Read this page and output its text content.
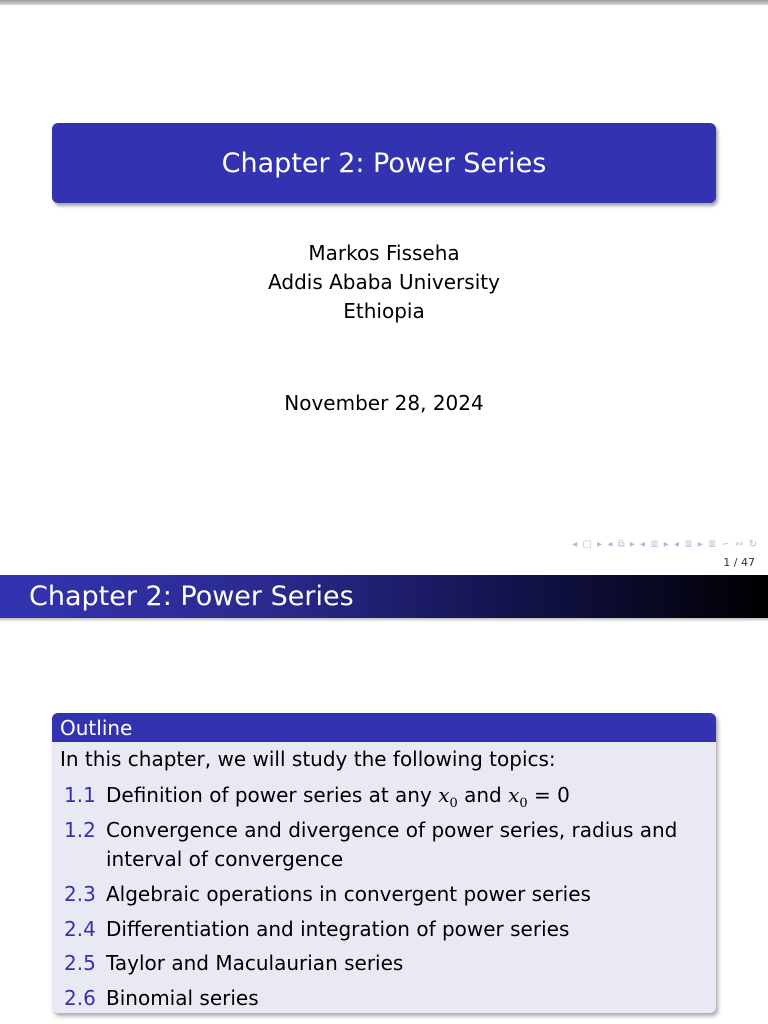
Chapter 2: Power Series
Markos Fisseha
Addis Ababa University
Ethiopia
November 28, 2024
◂ ▢ ▸ ◂ ⧉ ▸ ◂ ≣ ▸ ◂ ≣ ▸ ≣ ∽ ∾ ↻
1 / 47
Chapter 2: Power Series
Outline
In this chapter, we will study the following topics:
1.1 Definition of power series at any $x_0$ and $x_0 = 0$
1.2 Convergence and divergence of power series, radius and interval of convergence
2.3 Algebraic operations in convergent power series
2.4 Differentiation and integration of power series
2.5 Taylor and Maculaurian series
2.6 Binomial series
